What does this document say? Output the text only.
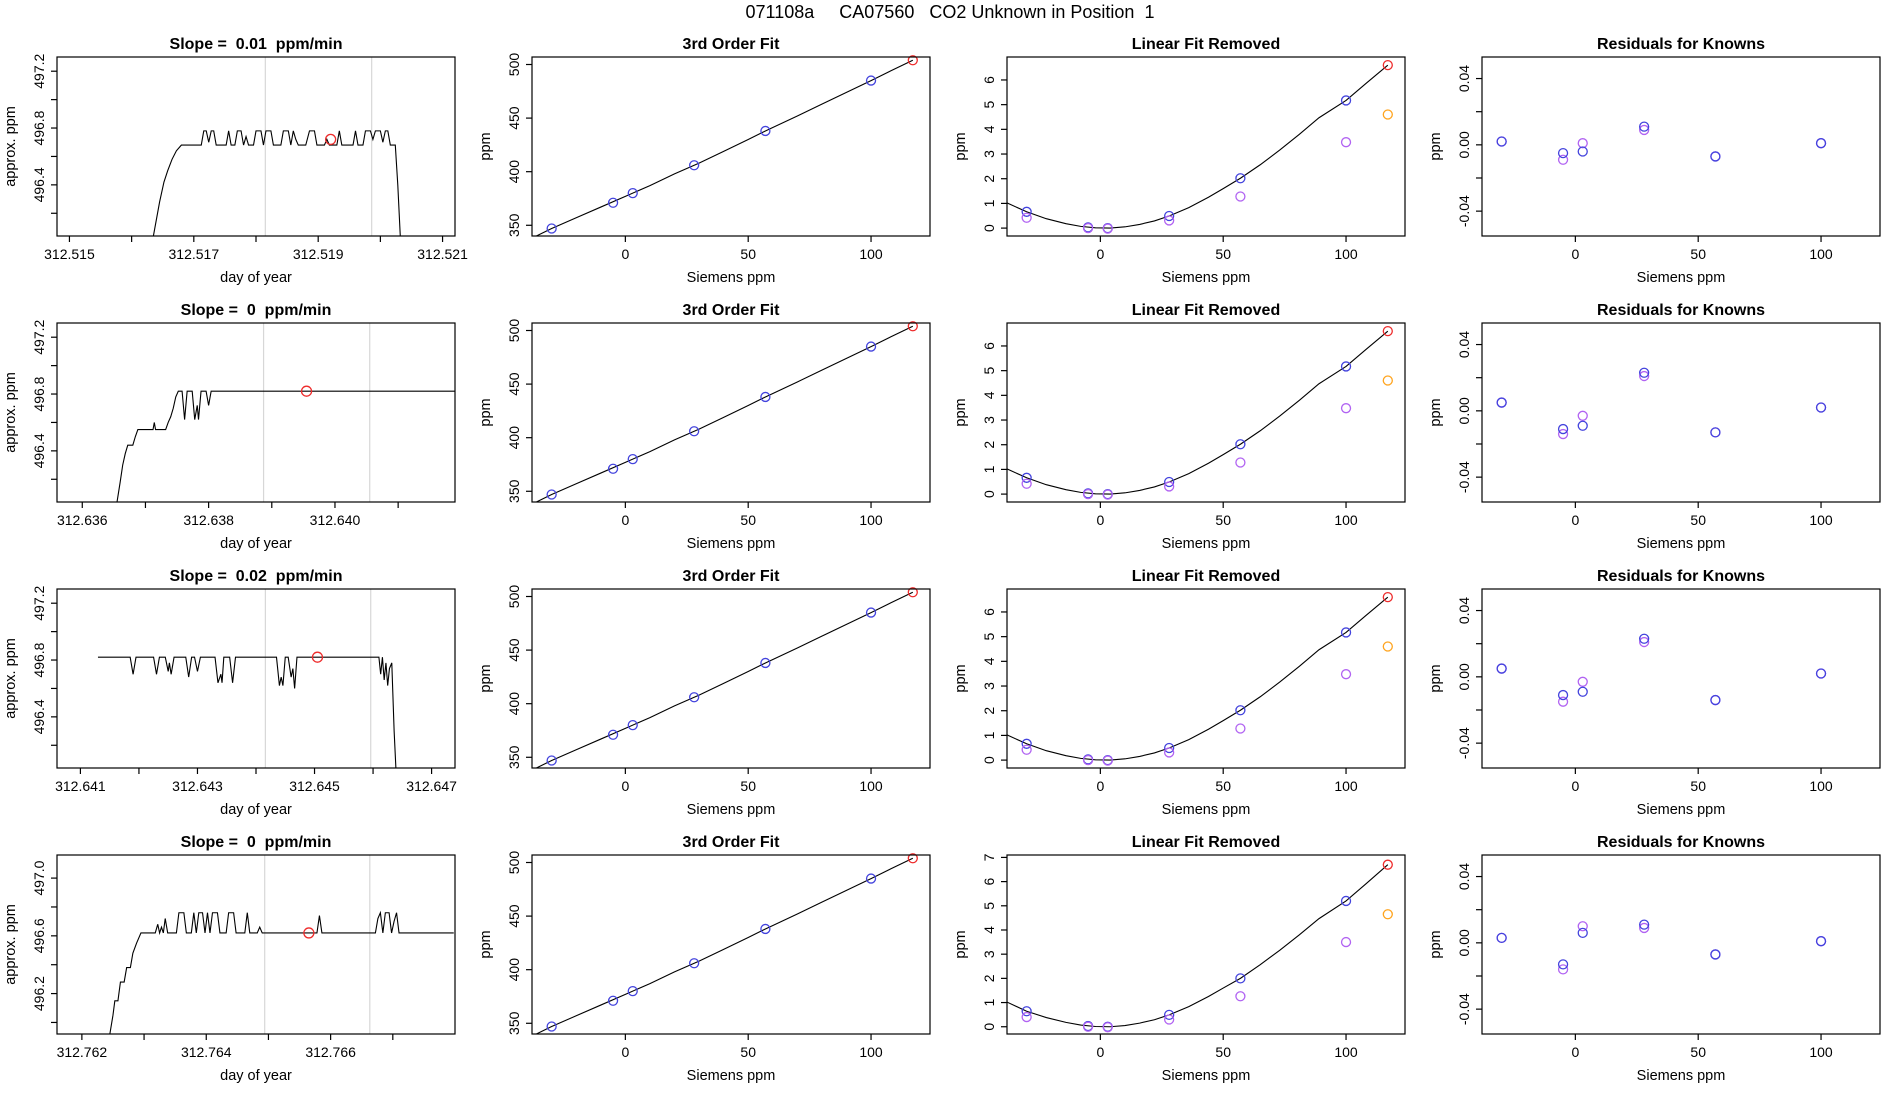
071108a     CA07560   CO2 Unknown in Position  1
312.515	312.517	312.519	312.521
496.4
496.8
497.2
Slope =  0.01  ppm/min
day of year
approx. ppm
0	50	100
350
400
450
500
3rd Order Fit
Siemens ppm
ppm
0	50	100
0
1
2
3
4
5
6
Linear Fit Removed
Siemens ppm
ppm
0	50	100
-0.04
0.00
0.04
Residuals for Knowns
Siemens ppm
ppm
312.636	312.638	312.640
496.4
496.8
497.2
Slope =  0  ppm/min
day of year
approx. ppm
0	50	100
350
400
450
500
3rd Order Fit
Siemens ppm
ppm
0	50	100
0
1
2
3
4
5
6
Linear Fit Removed
Siemens ppm
ppm
0	50	100
-0.04
0.00
0.04
Residuals for Knowns
Siemens ppm
ppm
312.641	312.643	312.645	312.647
496.4
496.8
497.2
Slope =  0.02  ppm/min
day of year
approx. ppm
0	50	100
350
400
450
500
3rd Order Fit
Siemens ppm
ppm
0	50	100
0
1
2
3
4
5
6
Linear Fit Removed
Siemens ppm
ppm
0	50	100
-0.04
0.00
0.04
Residuals for Knowns
Siemens ppm
ppm
312.762	312.764	312.766
496.2
496.6
497.0
Slope =  0  ppm/min
day of year
approx. ppm
0	50	100
350
400
450
500
3rd Order Fit
Siemens ppm
ppm
0	50	100
0
1
2
3
4
5
6
7
Linear Fit Removed
Siemens ppm
ppm
0	50	100
-0.04
0.00
0.04
Residuals for Knowns
Siemens ppm
ppm
